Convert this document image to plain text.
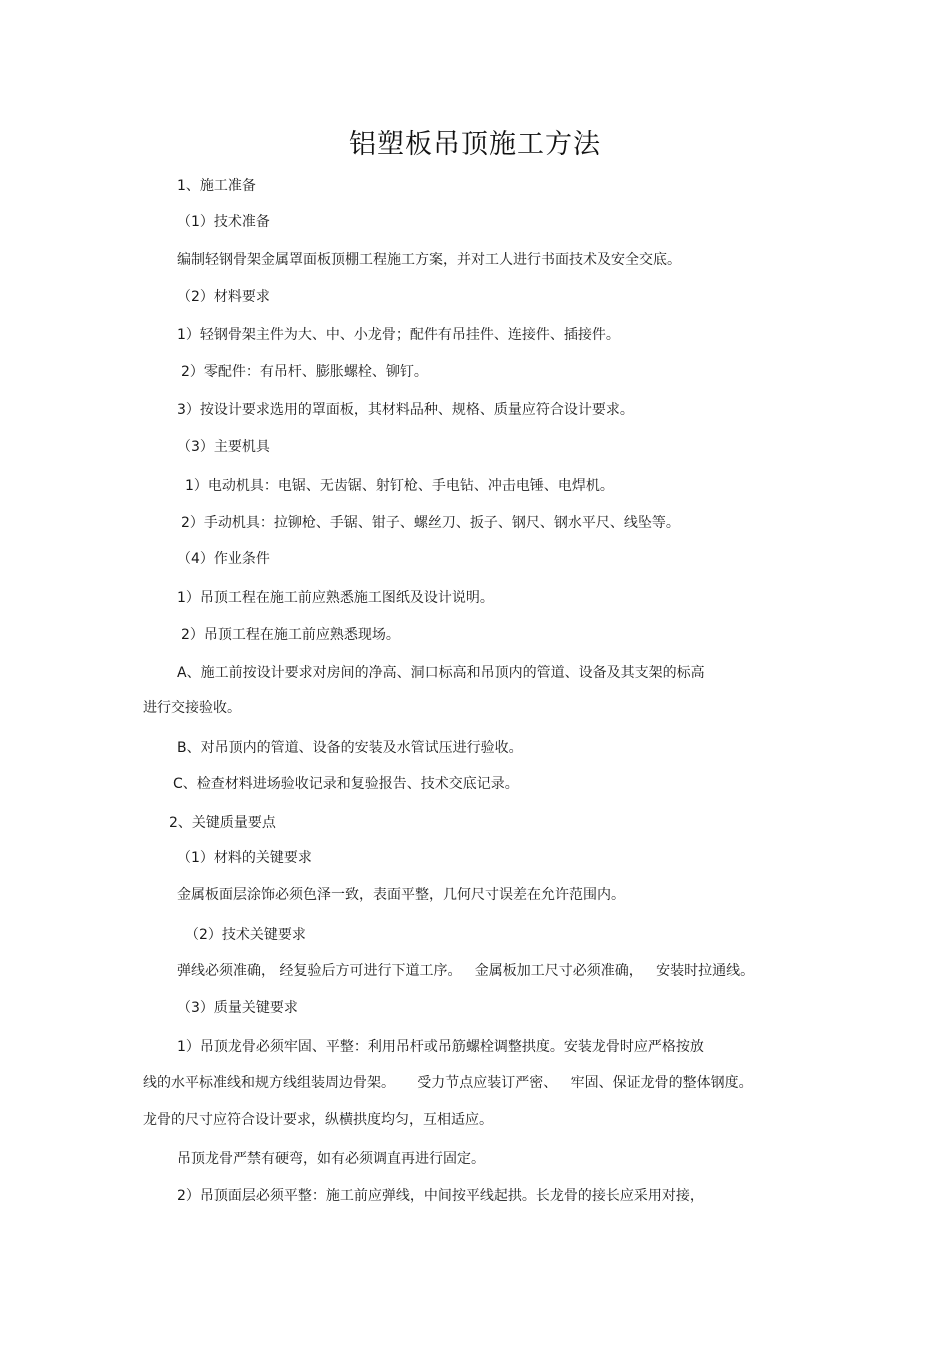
铝塑板吊顶施工方法
1、施工准备
（1）技术准备
编制轻钢骨架金属罩面板顶棚工程施工方案，并对工人进行书面技术及安全交底。
（2）材料要求
1）轻钢骨架主件为大、中、小龙骨；配件有吊挂件、连接件、插接件。
2）零配件：有吊杆、膨胀螺栓、铆钉。
3）按设计要求选用的罩面板，其材料品种、规格、质量应符合设计要求。
（3）主要机具
1）电动机具：电锯、无齿锯、射钉枪、手电钻、冲击电锤、电焊机。
2）手动机具：拉铆枪、手锯、钳子、螺丝刀、扳子、钢尺、钢水平尺、线坠等。
（4）作业条件
1）吊顶工程在施工前应熟悉施工图纸及设计说明。
2）吊顶工程在施工前应熟悉现场。
A、施工前按设计要求对房间的净高、洞口标高和吊顶内的管道、设备及其支架的标高
进行交接验收。
B、对吊顶内的管道、设备的安装及水管试压进行验收。
C、检查材料进场验收记录和复验报告、技术交底记录。
2、关键质量要点
（1）材料的关键要求
金属板面层涂饰必须色泽一致，表面平整，几何尺寸误差在允许范围内。
（2）技术关键要求
弹线必须准确， 经复验后方可进行下道工序。   金属板加工尺寸必须准确，   安装时拉通线。
（3）质量关键要求
1）吊顶龙骨必须牢固、平整：利用吊杆或吊筋螺栓调整拱度。安装龙骨时应严格按放
线的水平标准线和规方线组装周边骨架。     受力节点应装订严密、   牢固、保证龙骨的整体钢度。
龙骨的尺寸应符合设计要求，纵横拱度均匀，互相适应。
吊顶龙骨严禁有硬弯，如有必须调直再进行固定。
2）吊顶面层必须平整：施工前应弹线，中间按平线起拱。长龙骨的接长应采用对接，
